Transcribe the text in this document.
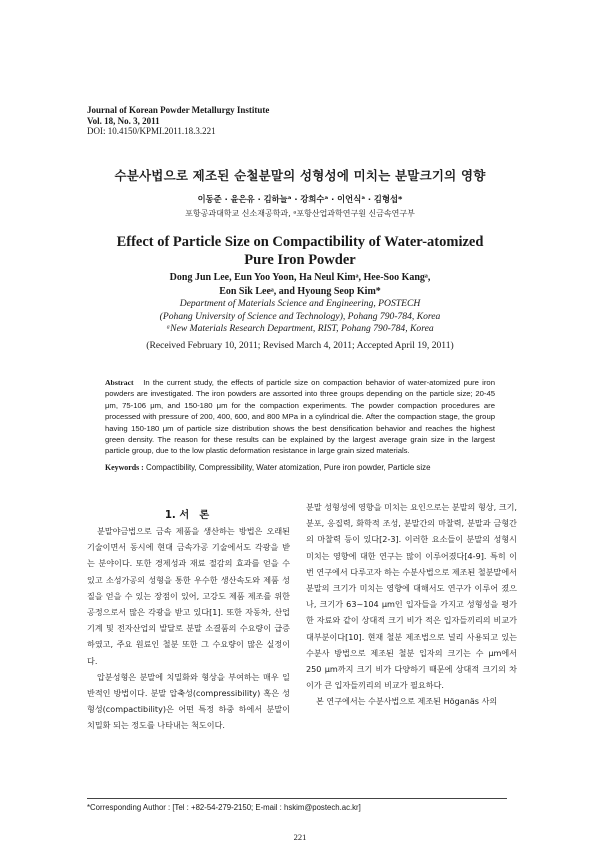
Journal of Korean Powder Metallurgy Institute
Vol. 18, No. 3, 2011
DOI: 10.4150/KPMI.2011.18.3.221
수분사법으로 제조된 순철분말의 성형성에 미치는 분말크기의 영향
이동준 · 윤은유 · 김하늘ᵃ · 강희수ᵃ · 이언식ᵃ · 김형섭*
포항공과대학교 신소재공학과, ᵃ포항산업과학연구원 신금속연구부
Effect of Particle Size on Compactibility of Water-atomized
Pure Iron Powder
Dong Jun Lee, Eun Yoo Yoon, Ha Neul Kimᵃ, Hee-Soo Kangᵃ,
Eon Sik Leeᵃ, and Hyoung Seop Kim*
Department of Materials Science and Engineering, POSTECH
(Pohang University of Science and Technology), Pohang 790-784, Korea
ᵃNew Materials Research Department, RIST, Pohang 790-784, Korea
(Received February 10, 2011; Revised March 4, 2011; Accepted April 19, 2011)
Abstract In the current study, the effects of particle size on compaction behavior of water-atomized pure iron powders are investigated. The iron powders are assorted into three groups depending on the particle size; 20-45 μm, 75-106 μm, and 150-180 μm for the compaction experiments. The powder compaction procedures are processed with pressure of 200, 400, 600, and 800 MPa in a cylindrical die. After the compaction stage, the group having 150-180 μm of particle size distribution shows the best densification behavior and reaches the highest green density. The reason for these results can be explained by the largest average grain size in the largest particle group, due to the low plastic deformation resistance in large grain sized materials.
Keywords : Compactibility, Compressibility, Water atomization, Pure iron powder, Particle size
1. 서　론

분말야금법으로 금속 제품을 생산하는 방법은 오래된 기술이면서 동시에 현대 금속가공 기술에서도 각광을 받는 분야이다. 또한 경제성과 재료 절감의 효과를 얻을 수 있고 소성가공의 성형을 통한 우수한 생산속도와 제품 성질을 얻을 수 있는 장점이 있어, 고강도 제품 제조를 위한 공정으로서 많은 각광을 받고 있다[1]. 또한 자동차, 산업기계 및 전자산업의 발달로 분말 소결품의 수요량이 급증하였고, 주요 원료인 철분 또한 그 수요량이 많은 실정이다.

압분성형은 분말에 치밀화와 형상을 부여하는 매우 일반적인 방법이다. 분말 압축성(compressibility) 혹은 성형성(compactibility)은 어떤 특정 하중 하에서 분말이 치밀화 되는 정도를 나타내는 척도이다.

분말 성형성에 영향을 미치는 요인으로는 분말의 형상, 크기, 분포, 응집력, 화학적 조성, 분말간의 마찰력, 분말과 금형간의 마찰력 등이 있다[2-3]. 이러한 요소들이 분말의 성형시 미치는 영향에 대한 연구는 많이 이루어졌다[4-9]. 특히 이번 연구에서 다루고자 하는 수분사법으로 제조된 철분말에서 분말의 크기가 미치는 영향에 대해서도 연구가 이루어 졌으나, 크기가 63~104 μm인 입자들을 가지고 성형성을 평가한 자료와 같이 상대적 크기 비가 적은 입자들끼리의 비교가 대부분이다[10]. 현재 철분 제조법으로 널리 사용되고 있는 수분사 방법으로 제조된 철분 입자의 크기는 수 μm에서 250 μm까지 크기 비가 다양하기 때문에 상대적 크기의 차이가 큰 입자들끼리의 비교가 필요하다.

본 연구에서는 수분사법으로 제조된 Höganäs 사의

*Corresponding Author : [Tel : +82-54-279-2150; E-mail : hskim@postech.ac.kr]
221
